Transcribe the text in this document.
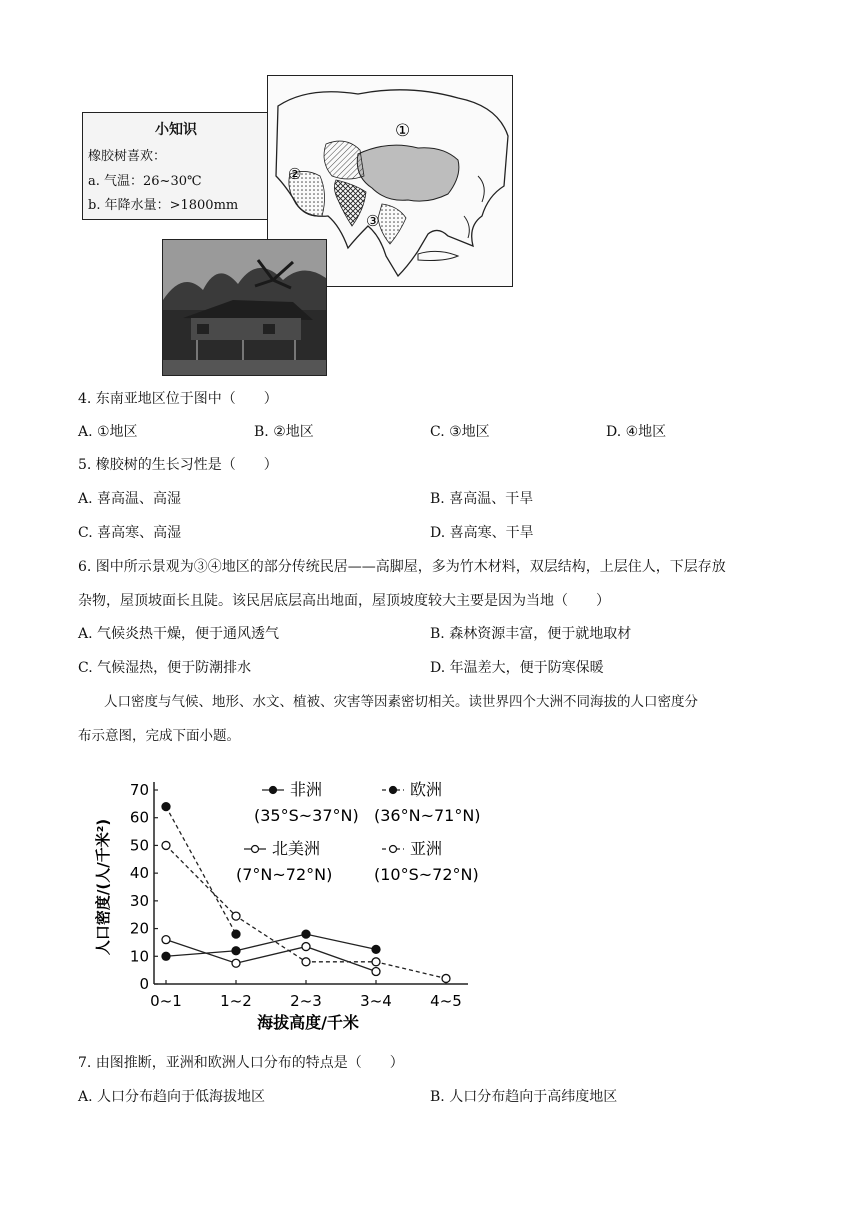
小知识
橡胶树喜欢：
a. 气温：26~30℃
b. 年降水量：>1800mm
①
②
③
4. 东南亚地区位于图中（　　）
A. ①地区	B. ②地区	C. ③地区	D. ④地区
5. 橡胶树的生长习性是（　　）
A. 喜高温、高湿	B. 喜高温、干旱
C. 喜高寒、高湿	D. 喜高寒、干旱
6. 图中所示景观为③④地区的部分传统民居——高脚屋，多为竹木材料，双层结构，上层住人，下层存放
杂物，屋顶坡面长且陡。该民居底层高出地面，屋顶坡度较大主要是因为当地（　　）
A. 气候炎热干燥，便于通风透气	B. 森林资源丰富，便于就地取材
C. 气候湿热，便于防潮排水	D. 年温差大，便于防寒保暖
人口密度与气候、地形、水文、植被、灾害等因素密切相关。读世界四个大洲不同海拔的人口密度分
布示意图，完成下面小题。
海拔高度/千米
人口密度/(人/千米²)
0
10
20
30
40
50
60
70
0~1	1~2	2~3	3~4	4~5
非洲
(35°S~37°N)
欧洲
(36°N~71°N)
北美洲
(7°N~72°N)
亚洲
(10°S~72°N)
7. 由图推断，亚洲和欧洲人口分布的特点是（　　）
A. 人口分布趋向于低海拔地区	B. 人口分布趋向于高纬度地区
